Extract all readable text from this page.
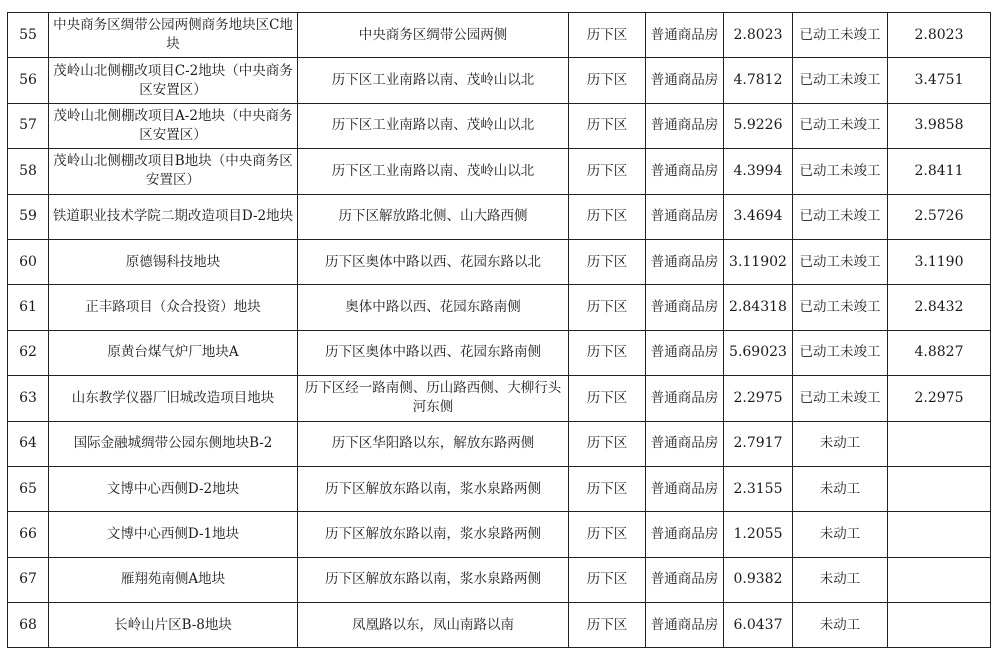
55	中央商务区绸带公园两侧商务地块区C地块	中央商务区绸带公园两侧	历下区	普通商品房	2.8023	已动工未竣工	2.8023
56	茂岭山北侧棚改项目C-2地块（中央商务区安置区）	历下区工业南路以南、茂岭山以北	历下区	普通商品房	4.7812	已动工未竣工	3.4751
57	茂岭山北侧棚改项目A-2地块（中央商务区安置区）	历下区工业南路以南、茂岭山以北	历下区	普通商品房	5.9226	已动工未竣工	3.9858
58	茂岭山北侧棚改项目B地块（中央商务区安置区）	历下区工业南路以南、茂岭山以北	历下区	普通商品房	4.3994	已动工未竣工	2.8411
59	铁道职业技术学院二期改造项目D-2地块	历下区解放路北侧、山大路西侧	历下区	普通商品房	3.4694	已动工未竣工	2.5726
60	原德锡科技地块	历下区奥体中路以西、花园东路以北	历下区	普通商品房	3.11902	已动工未竣工	3.1190
61	正丰路项目（众合投资）地块	奥体中路以西、花园东路南侧	历下区	普通商品房	2.84318	已动工未竣工	2.8432
62	原黄台煤气炉厂地块A	历下区奥体中路以西、花园东路南侧	历下区	普通商品房	5.69023	已动工未竣工	4.8827
63	山东教学仪器厂旧城改造项目地块	历下区经一路南侧、历山路西侧、大柳行头河东侧	历下区	普通商品房	2.2975	已动工未竣工	2.2975
64	国际金融城绸带公园东侧地块B-2	历下区华阳路以东，解放东路两侧	历下区	普通商品房	2.7917	未动工	
65	文博中心西侧D-2地块	历下区解放东路以南，浆水泉路两侧	历下区	普通商品房	2.3155	未动工	
66	文博中心西侧D-1地块	历下区解放东路以南，浆水泉路两侧	历下区	普通商品房	1.2055	未动工	
67	雁翔苑南侧A地块	历下区解放东路以南，浆水泉路两侧	历下区	普通商品房	0.9382	未动工	
68	长岭山片区B-8地块	凤凰路以东，凤山南路以南	历下区	普通商品房	6.0437	未动工	
